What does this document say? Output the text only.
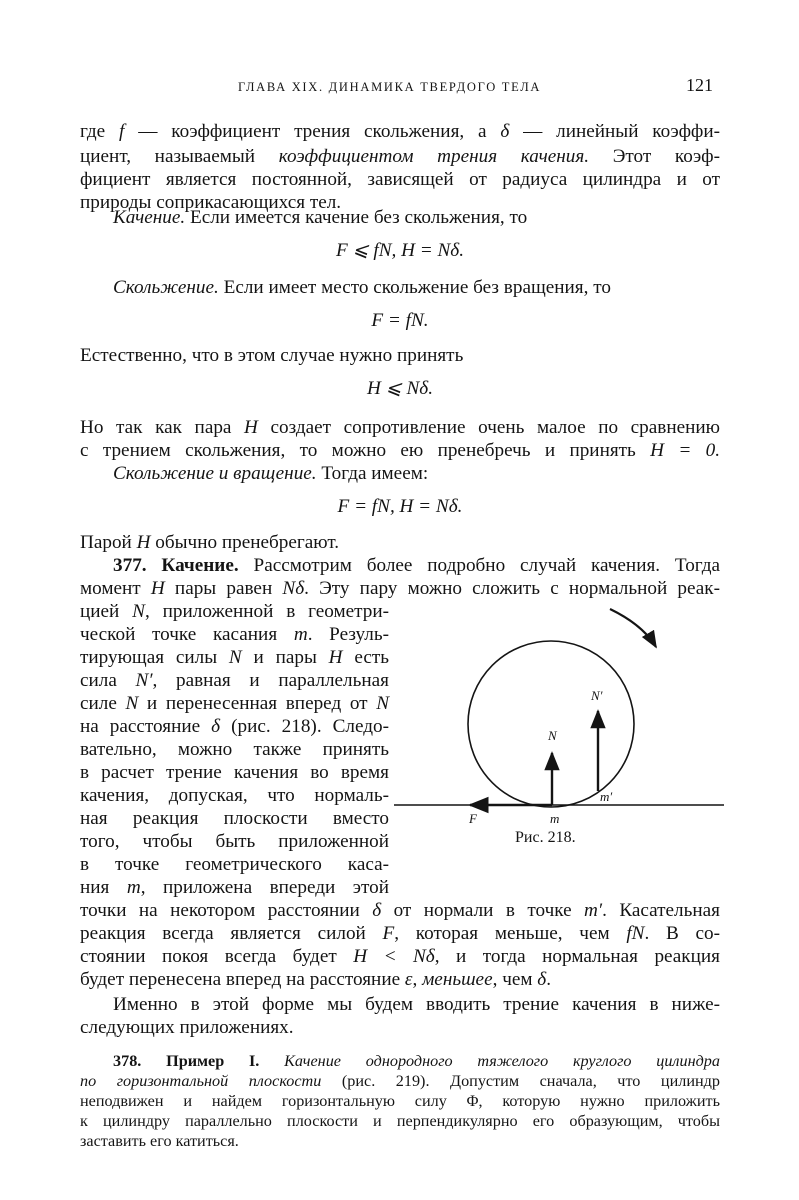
ГЛАВА XIX. ДИНАМИКА ТВЕРДОГО ТЕЛА	121
где f — коэффициент трения скольжения, а δ — линейный коэффи-
циент, называемый коэффициентом трения качения. Этот коэф-
фициент является постоянной, зависящей от радиуса цилиндра и от
природы соприкасающихся тел.
Качение. Если имеется качение без скольжения, то
F ⩽ fN, H = Nδ.
Скольжение. Если имеет место скольжение без вращения, то
F = fN.
Естественно, что в этом случае нужно принять
H ⩽ Nδ.
Но так как пара H создает сопротивление очень малое по сравнению
с трением скольжения, то можно ею пренебречь и принять H = 0.
Скольжение и вращение. Тогда имеем:
F = fN, H = Nδ.
Парой H обычно пренебрегают.
377. Качение. Рассмотрим более подробно случай качения. Тогда
момент H пары равен Nδ. Эту пару можно сложить с нормальной реак-
цией N, приложенной в геометри-
ческой точке касания m. Резуль-
тирующая силы N и пары H есть
сила N′, равная и параллельная
силе N и перенесенная вперед от N
на расстояние δ (рис. 218). Следо-
вательно, можно также принять
в расчет трение качения во время
качения, допуская, что нормаль-
ная реакция плоскости вместо
того, чтобы быть приложенной
в точке геометрического каса-
ния m, приложена впереди этой
точки на некотором расстоянии δ от нормали в точке m′. Касательная
реакция всегда является силой F, которая меньше, чем fN. В со-
стоянии покоя всегда будет H < Nδ, и тогда нормальная реакция
будет перенесена вперед на расстояние ε, меньшее, чем δ.
Именно в этой форме мы будем вводить трение качения в ниже-
следующих приложениях.
378. Пример I. Качение однородного тяжелого круглого цилиндра
по горизонтальной плоскости (рис. 219). Допустим сначала, что цилиндр
неподвижен и найдем горизонтальную силу Φ, которую нужно приложить
к цилиндру параллельно плоскости и перпендикулярно его образующим, чтобы
заставить его катиться.
N
N′
m′
F	m
Рис. 218.
